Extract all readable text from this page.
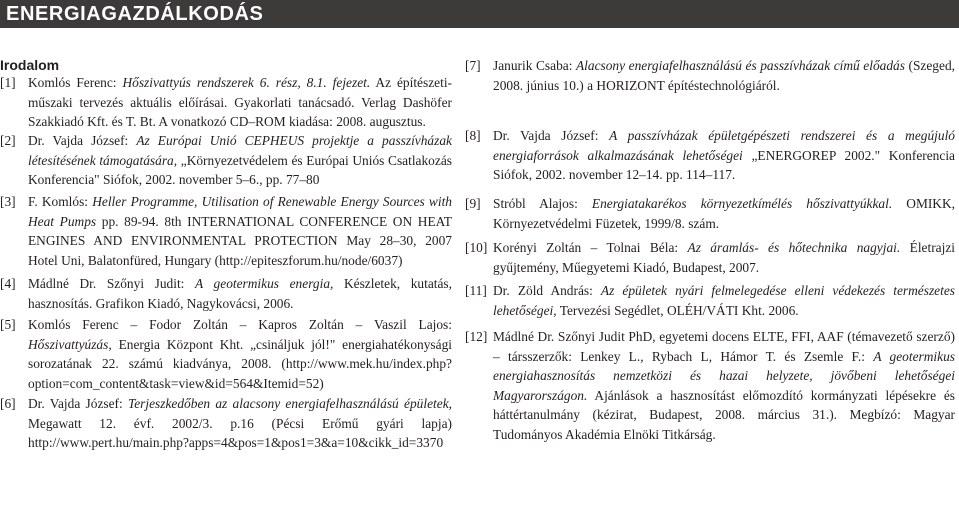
ENERGIAGAZDÁLKODÁS
Irodalom
[1] Komlós Ferenc: Hőszivattyús rendszerek 6. rész, 8.1. fejezet. Az építészeti-műszaki tervezés aktuális előírásai. Gyakorlati tanácsadó. Verlag Dashöfer Szakkiadó Kft. és T. Bt. A vonatkozó CD–ROM kiadása: 2008. augusztus.
[2] Dr. Vajda József: Az Európai Unió CEPHEUS projektje a passzívházak létesítésének támogatására, „Környezetvédelem és Európai Uniós Csatlakozás Konferencia" Siófok, 2002. november 5–6., pp. 77–80
[3] F. Komlós: Heller Programme, Utilisation of Renewable Energy Sources with Heat Pumps pp. 89-94. 8th INTERNATIONAL CONFERENCE ON HEAT ENGINES AND ENVIRONMENTAL PROTECTION May 28–30, 2007 Hotel Uni, Balatonfüred, Hungary (http://epiteszforum.hu/node/6037)
[4] Mádlné Dr. Szőnyi Judit: A geotermikus energia, Készletek, kutatás, hasznosítás. Grafikon Kiadó, Nagykovácsi, 2006.
[5] Komlós Ferenc – Fodor Zoltán – Kapros Zoltán – Vaszil Lajos: Hőszivattyúzás, Energia Központ Kht. „csináljuk jól!" energiahatékonysági sorozatának 22. számú kiadványa, 2008. (http://www.mek.hu/index.php?option=com_content&task=view&id=564&Itemid=52)
[6] Dr. Vajda József: Terjeszkedőben az alacsony energiafelhasználású épületek, Megawatt 12. évf. 2002/3. p.16 (Pécsi Erőmű gyári lapja) http://www.pert.hu/main.php?apps=4&pos=1&pos1=3&a=10&cikk_id=3370
[7] Janurik Csaba: Alacsony energiafelhasználású és passzívházak című előadás (Szeged, 2008. június 10.) a HORIZONT építéstechnológiáról.
[8] Dr. Vajda József: A passzívházak épületgépészeti rendszerei és a megújuló energiaforrások alkalmazásának lehetőségei „ENERGOREP 2002." Konferencia Siófok, 2002. november 12–14. pp. 114–117.
[9] Stróbl Alajos: Energiatakarékos környezetkímélés hőszivattyúkkal. OMIKK, Környezetvédelmi Füzetek, 1999/8. szám.
[10] Korényi Zoltán – Tolnai Béla: Az áramlás- és hőtechnika nagyjai. Életrajzi gyűjtemény, Műegyetemi Kiadó, Budapest, 2007.
[11] Dr. Zöld András: Az épületek nyári felmelegedése elleni védekezés természetes lehetőségei, Tervezési Segédlet, OLÉH/VÁTI Kht. 2006.
[12] Mádlné Dr. Szőnyi Judit PhD, egyetemi docens ELTE, FFI, AAF (témavezető szerző) – társszerzők: Lenkey L., Rybach L, Hámor T. és Zsemle F.: A geotermikus energiahasznosítás nemzetközi és hazai helyzete, jövőbeni lehetőségei Magyarországon. Ajánlások a hasznosítást előmozdító kormányzati lépésekre és háttértanulmány (kézirat, Budapest, 2008. március 31.). Megbízó: Magyar Tudományos Akadémia Elnöki Titkárság.
